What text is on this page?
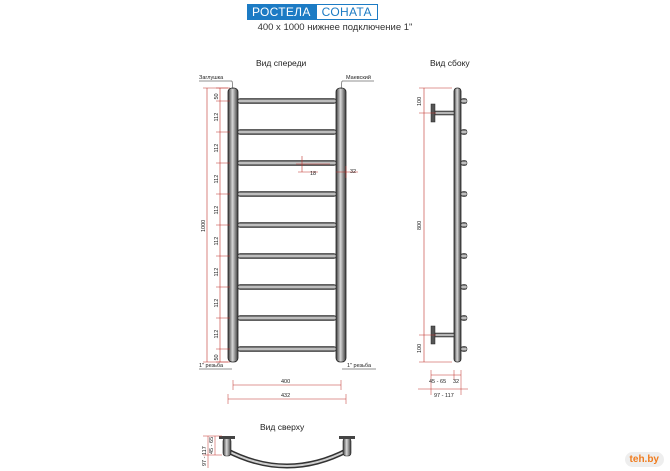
РОСТЕЛА СОНАТА
400 х 1000 нижнее подключение 1"
Вид спереди	Вид сбоку
Вид сверху
Заглушка	Маевский
1" резьба	1" резьба
1000
50
112
112
112
112
112
112
112
112
50
18	32
400
432
100
800
100
45 - 65 32
97 - 117
97 - 117
45 - 65
teh.by
